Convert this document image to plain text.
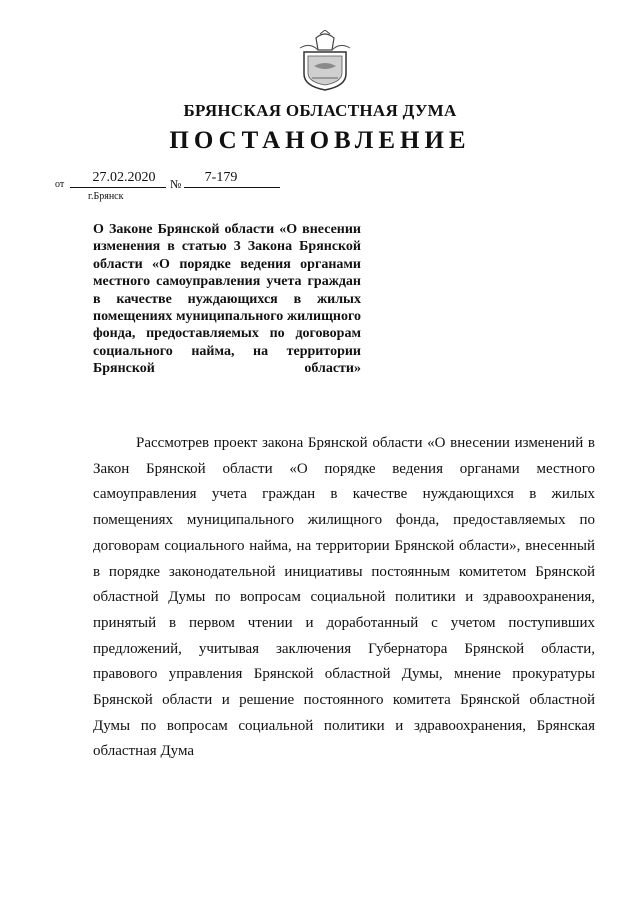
БРЯНСКАЯ ОБЛАСТНАЯ ДУМА
ПОСТАНОВЛЕНИЕ
от	27.02.2020	№	7-179
г.Брянск
О Законе Брянской области «О внесении изменения в статью 3 Закона Брянской области «О порядке ведения органами местного самоуправления учета граждан в качестве нуждающихся в жилых помещениях муниципального жилищного фонда, предоставляемых по договорам социального найма, на территории Брянской области»
Рассмотрев проект закона Брянской области «О внесении изменений в Закон Брянской области «О порядке ведения органами местного самоуправления учета граждан в качестве нуждающихся в жилых помещениях муниципального жилищного фонда, предоставляемых по договорам социального найма, на территории Брянской области», внесенный в порядке законодательной инициативы постоянным комитетом Брянской областной Думы по вопросам социальной политики и здравоохранения, принятый в первом чтении и доработанный с учетом поступивших предложений, учитывая заключения Губернатора Брянской области, правового управления Брянской областной Думы, мнение прокуратуры Брянской области и решение постоянного комитета Брянской областной Думы по вопросам социальной политики и здравоохранения, Брянская областная Дума
